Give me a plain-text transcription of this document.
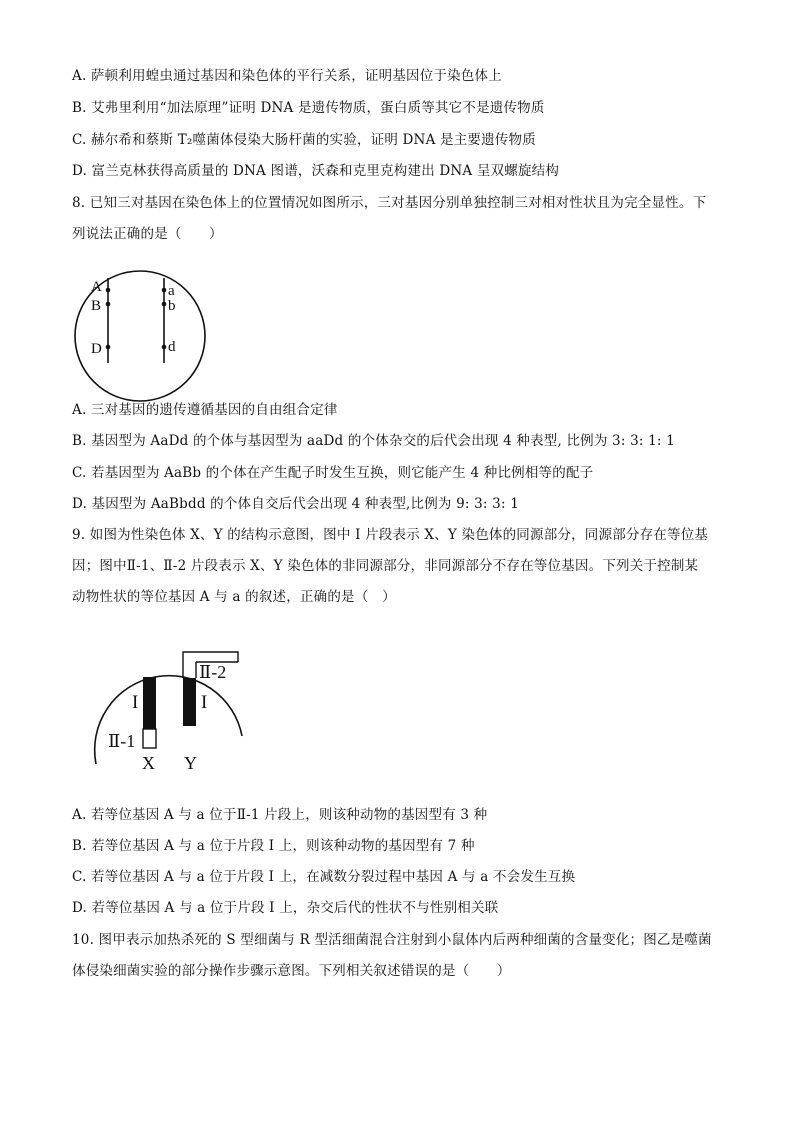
A. 萨顿利用蝗虫通过基因和染色体的平行关系，证明基因位于染色体上
B. 艾弗里利用“加法原理”证明 DNA 是遗传物质，蛋白质等其它不是遗传物质
C. 赫尔希和蔡斯 T₂噬菌体侵染大肠杆菌的实验，证明 DNA 是主要遗传物质
D. 富兰克林获得高质量的 DNA 图谱，沃森和克里克构建出 DNA 呈双螺旋结构
8. 已知三对基因在染色体上的位置情况如图所示，三对基因分别单独控制三对相对性状且为完全显性。下
列说法正确的是（　　）
A
B
D
a
b
d
A. 三对基因的遗传遵循基因的自由组合定律
B. 基因型为 AaDd 的个体与基因型为 aaDd 的个体杂交的后代会出现 4 种表型, 比例为 3: 3: 1: 1
C. 若基因型为 AaBb 的个体在产生配子时发生互换，则它能产生 4 种比例相等的配子
D. 基因型为 AaBbdd 的个体自交后代会出现 4 种表型,比例为 9: 3: 3: 1
9. 如图为性染色体 X、Y 的结构示意图，图中 I 片段表示 X、Y 染色体的同源部分，同源部分存在等位基
因；图中Ⅱ-1、Ⅱ-2 片段表示 X、Y 染色体的非同源部分，非同源部分不存在等位基因。下列关于控制某
动物性状的等位基因 A 与 a 的叙述，正确的是（　）
I	I
Ⅱ-1
Ⅱ-2
X Y
A. 若等位基因 A 与 a 位于Ⅱ-1 片段上，则该种动物的基因型有 3 种
B. 若等位基因 A 与 a 位于片段 I 上，则该种动物的基因型有 7 种
C. 若等位基因 A 与 a 位于片段 I 上，在减数分裂过程中基因 A 与 a 不会发生互换
D. 若等位基因 A 与 a 位于片段 I 上，杂交后代的性状不与性别相关联
10. 图甲表示加热杀死的 S 型细菌与 R 型活细菌混合注射到小鼠体内后两种细菌的含量变化；图乙是噬菌
体侵染细菌实验的部分操作步骤示意图。下列相关叙述错误的是（　　）
